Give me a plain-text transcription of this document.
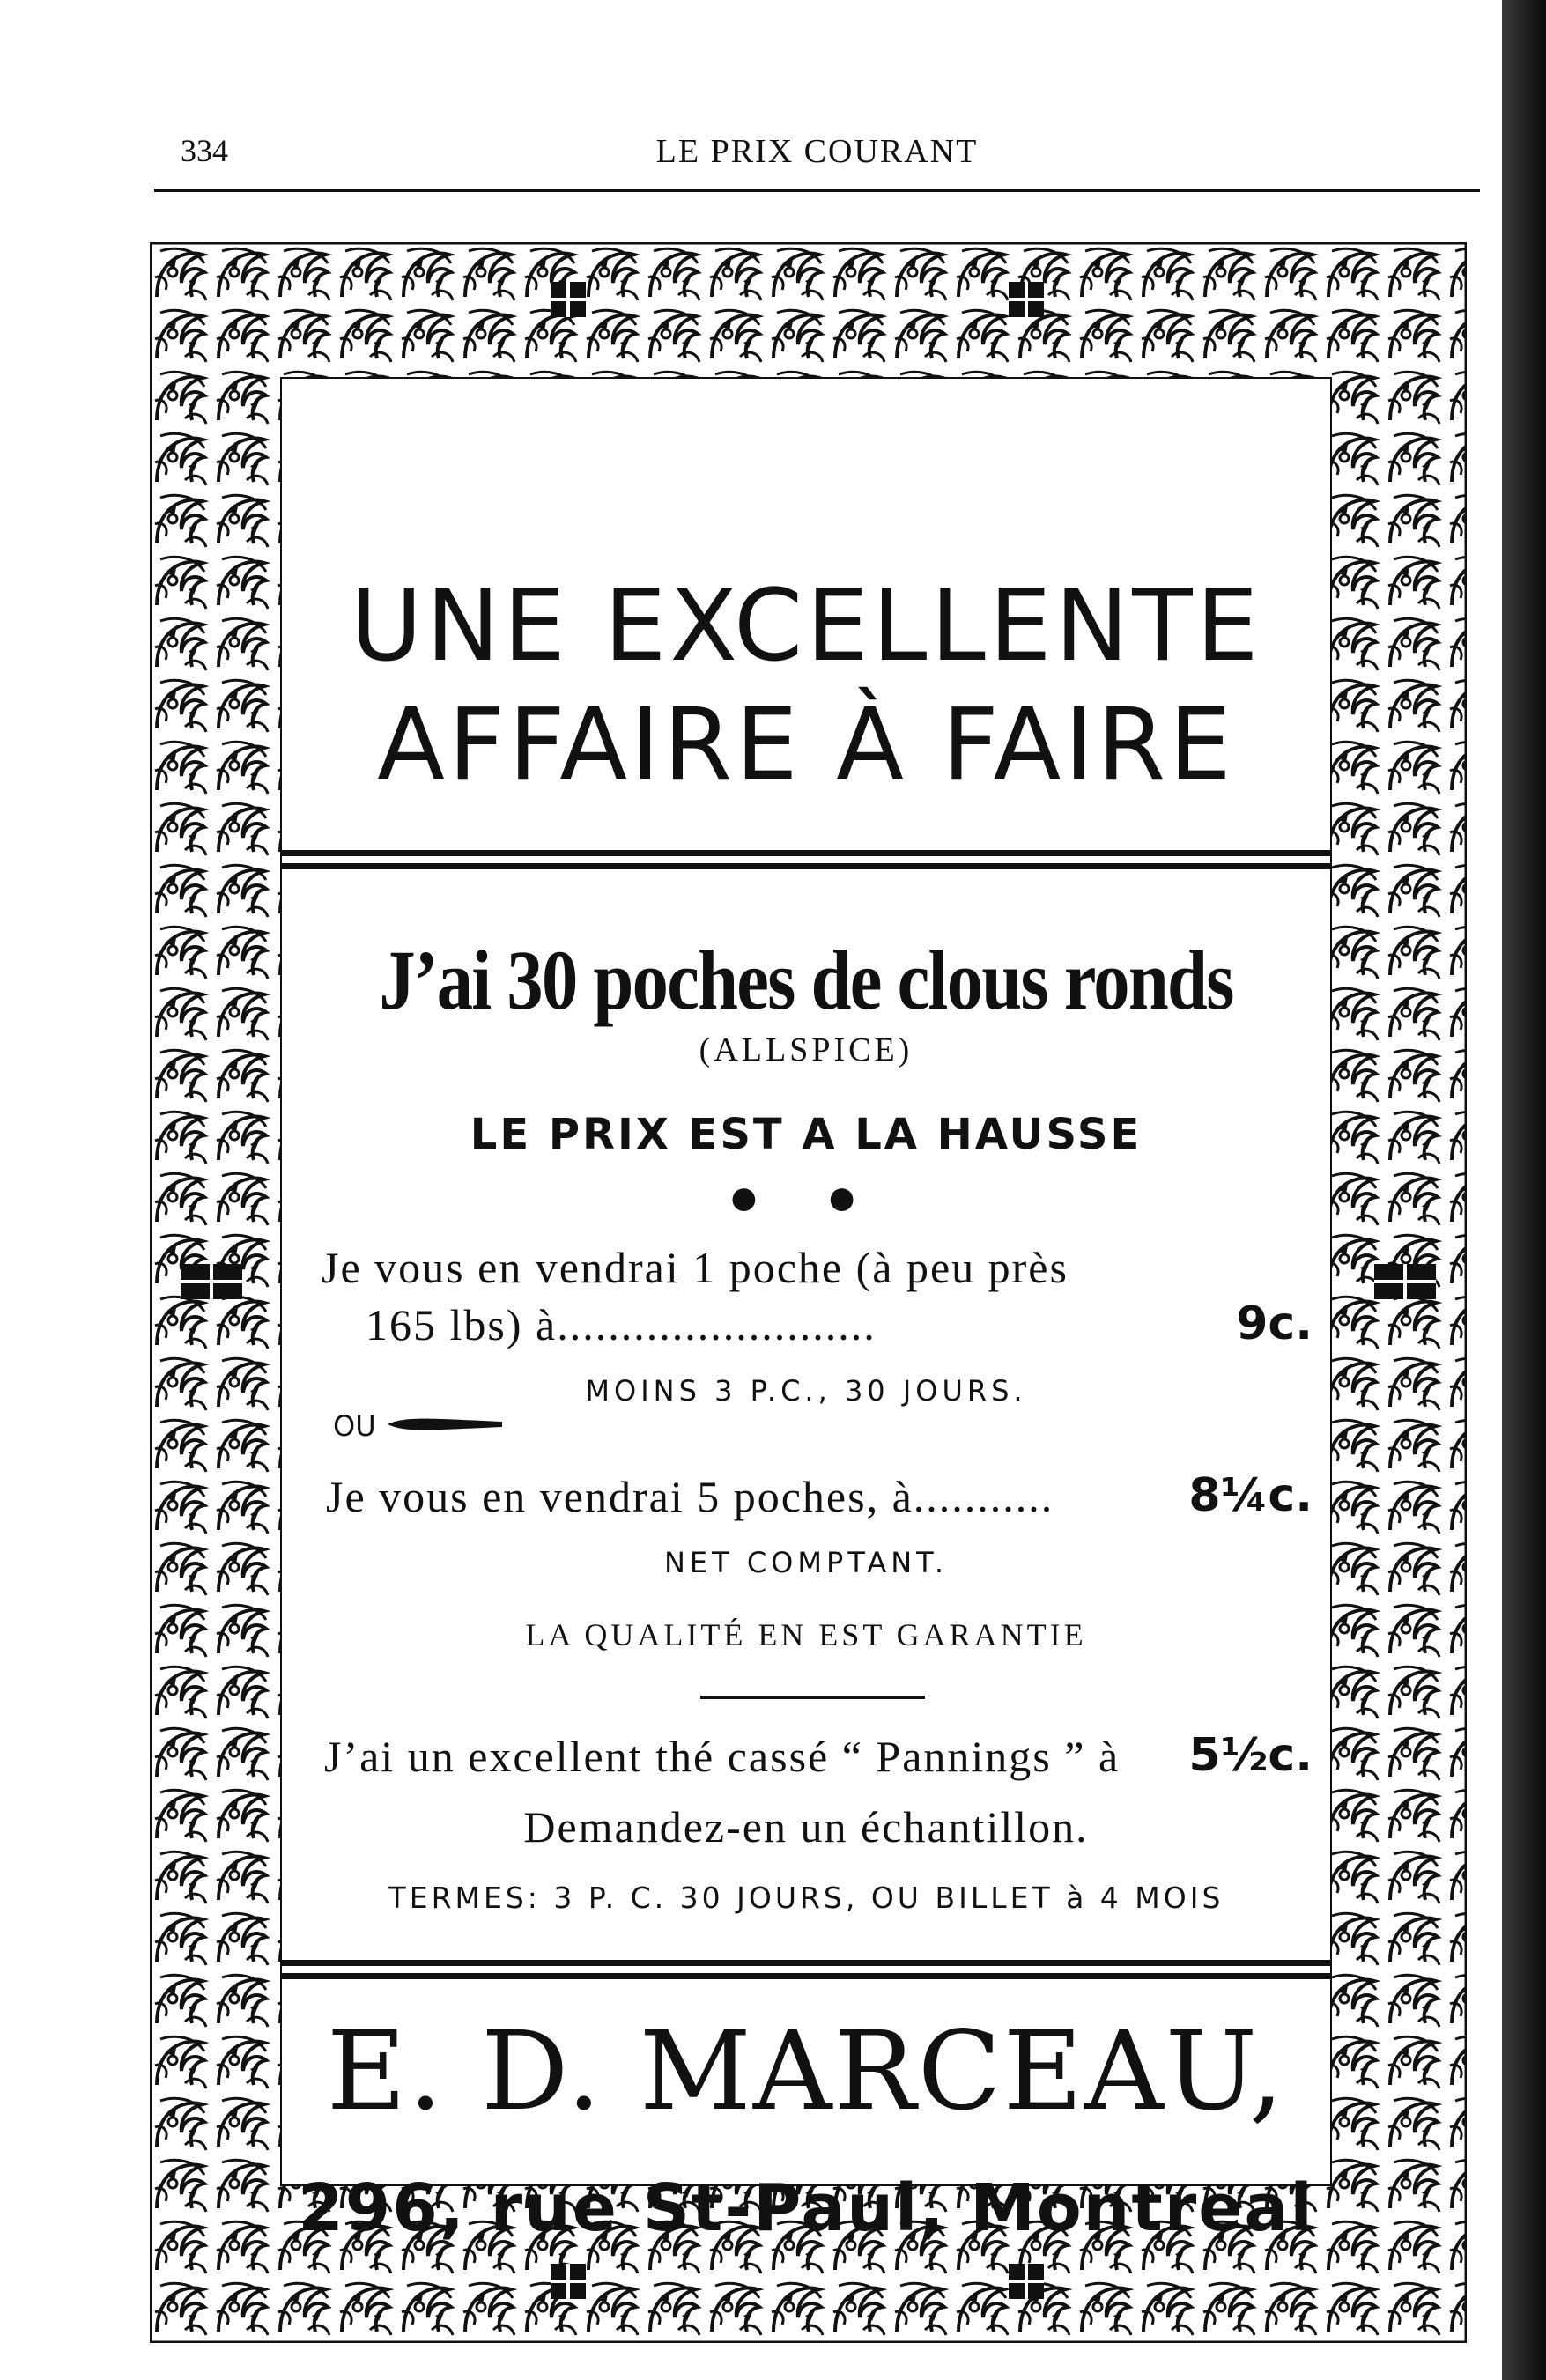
334	LE PRIX COURANT
UNE EXCELLENTE
AFFAIRE À FAIRE
J’ai 30 poches de clous ronds
(ALLSPICE)
LE PRIX EST A LA HAUSSE
● ●
Je vous en vendrai 1 poche (à peu près
165 lbs) à.........................	9c.
MOINS 3 P.C., 30 JOURS.
OU
Je vous en vendrai 5 poches, à...........	8¼c.
NET COMPTANT.
LA QUALITÉ EN EST GARANTIE
J’ai un excellent thé cassé “ Pannings ” à 5½c.
Demandez-en un échantillon.
TERMES: 3 P. C. 30 JOURS, OU BILLET à 4 MOIS
E. D. MARCEAU,
296, rue St-Paul, Montreal
